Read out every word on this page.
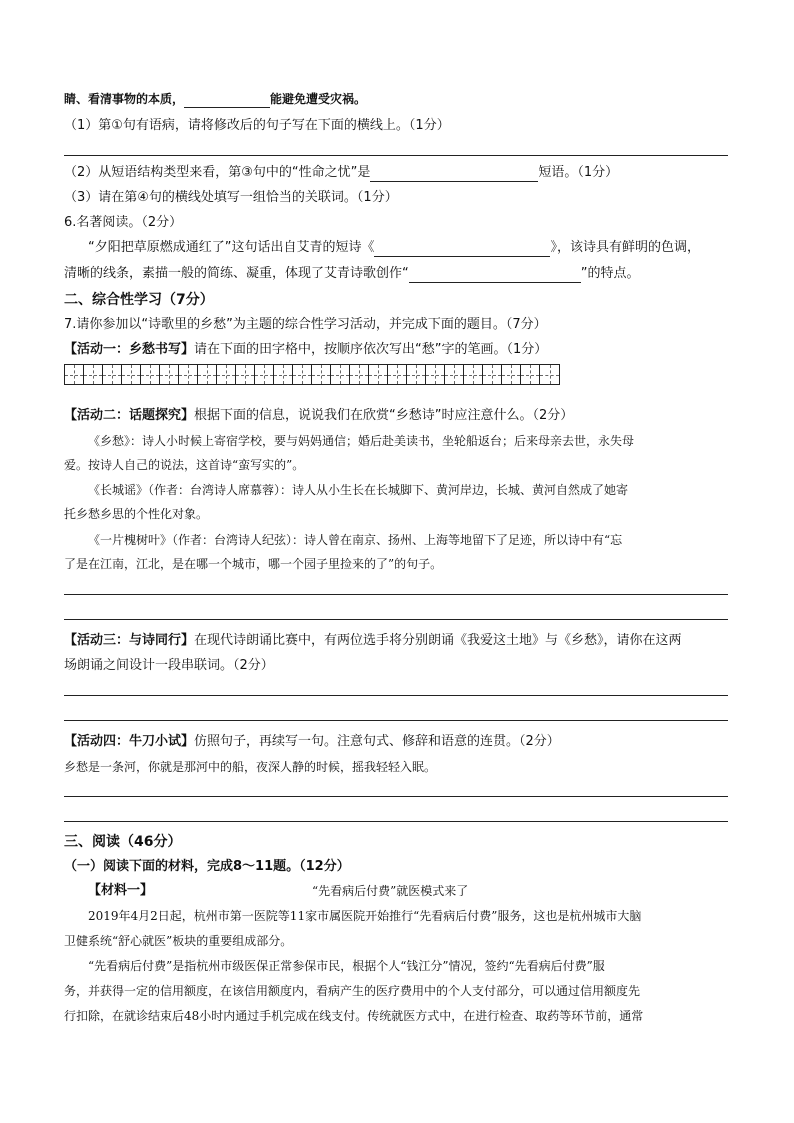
睛、看清事物的本质，	能避免遭受灾祸。
（1）第①句有语病，请将修改后的句子写在下面的横线上。（1分）
（2）从短语结构类型来看，第③句中的“性命之忧”是	短语。（1分）
（3）请在第④句的横线处填写一组恰当的关联词。（1分）
6.名著阅读。（2分）
“夕阳把草原燃成通红了”这句话出自艾青的短诗《	》，该诗具有鲜明的色调，
清晰的线条，素描一般的简练、凝重，体现了艾青诗歌创作“	”的特点。
二、综合性学习（7分）
7.请你参加以“诗歌里的乡愁”为主题的综合性学习活动，并完成下面的题目。（7分）
【活动一：乡愁书写】请在下面的田字格中，按顺序依次写出“愁”字的笔画。（1分）
【活动二：话题探究】根据下面的信息，说说我们在欣赏“乡愁诗”时应注意什么。（2分）
《乡愁》：诗人小时候上寄宿学校，要与妈妈通信；婚后赴美读书，坐轮船返台；后来母亲去世，永失母
爱。按诗人自己的说法，这首诗“蛮写实的”。
《长城谣》（作者：台湾诗人席慕蓉）：诗人从小生长在长城脚下、黄河岸边，长城、黄河自然成了她寄
托乡愁乡思的个性化对象。
《一片槐树叶》（作者：台湾诗人纪弦）：诗人曾在南京、扬州、上海等地留下了足迹，所以诗中有“忘
了是在江南，江北，是在哪一个城市，哪一个园子里捡来的了”的句子。
【活动三：与诗同行】在现代诗朗诵比赛中，有两位选手将分别朗诵《我爱这土地》与《乡愁》，请你在这两
场朗诵之间设计一段串联词。（2分）
【活动四：牛刀小试】仿照句子，再续写一句。注意句式、修辞和语意的连贯。（2分）
乡愁是一条河，你就是那河中的船，夜深人静的时候，摇我轻轻入眠。
三、阅读（46分）
（一）阅读下面的材料，完成8～11题。（12分）
【材料一】	“先看病后付费”就医模式来了
2019年4月2日起，杭州市第一医院等11家市属医院开始推行“先看病后付费”服务，这也是杭州城市大脑
卫健系统“舒心就医”板块的重要组成部分。
“先看病后付费”是指杭州市级医保正常参保市民，根据个人“钱江分”情况，签约“先看病后付费”服
务，并获得一定的信用额度，在该信用额度内，看病产生的医疗费用中的个人支付部分，可以通过信用额度先
行扣除，在就诊结束后48小时内通过手机完成在线支付。传统就医方式中，在进行检查、取药等环节前，通常
